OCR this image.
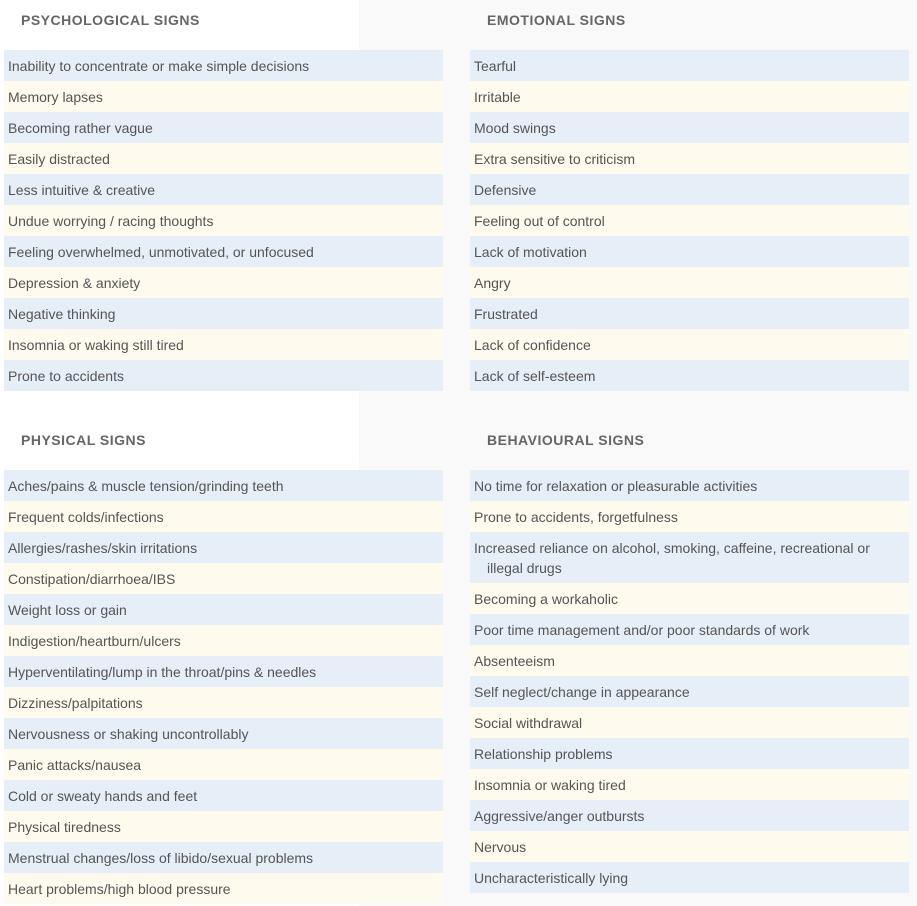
PSYCHOLOGICAL SIGNS
Inability to concentrate or make simple decisions
Memory lapses
Becoming rather vague
Easily distracted
Less intuitive & creative
Undue worrying / racing thoughts
Feeling overwhelmed, unmotivated, or unfocused
Depression & anxiety
Negative thinking
Insomnia or waking still tired
Prone to accidents
EMOTIONAL SIGNS
Tearful
Irritable
Mood swings
Extra sensitive to criticism
Defensive
Feeling out of control
Lack of motivation
Angry
Frustrated
Lack of confidence
Lack of self-esteem
PHYSICAL SIGNS
Aches/pains & muscle tension/grinding teeth
Frequent colds/infections
Allergies/rashes/skin irritations
Constipation/diarrhoea/IBS
Weight loss or gain
Indigestion/heartburn/ulcers
Hyperventilating/lump in the throat/pins & needles
Dizziness/palpitations
Nervousness or shaking uncontrollably
Panic attacks/nausea
Cold or sweaty hands and feet
Physical tiredness
Menstrual changes/loss of libido/sexual problems
Heart problems/high blood pressure
BEHAVIOURAL SIGNS
No time for relaxation or pleasurable activities
Prone to accidents, forgetfulness
Increased reliance on alcohol, smoking, caffeine, recreational or
illegal drugs
Becoming a workaholic
Poor time management and/or poor standards of work
Absenteeism
Self neglect/change in appearance
Social withdrawal
Relationship problems
Insomnia or waking tired
Aggressive/anger outbursts
Nervous
Uncharacteristically lying
